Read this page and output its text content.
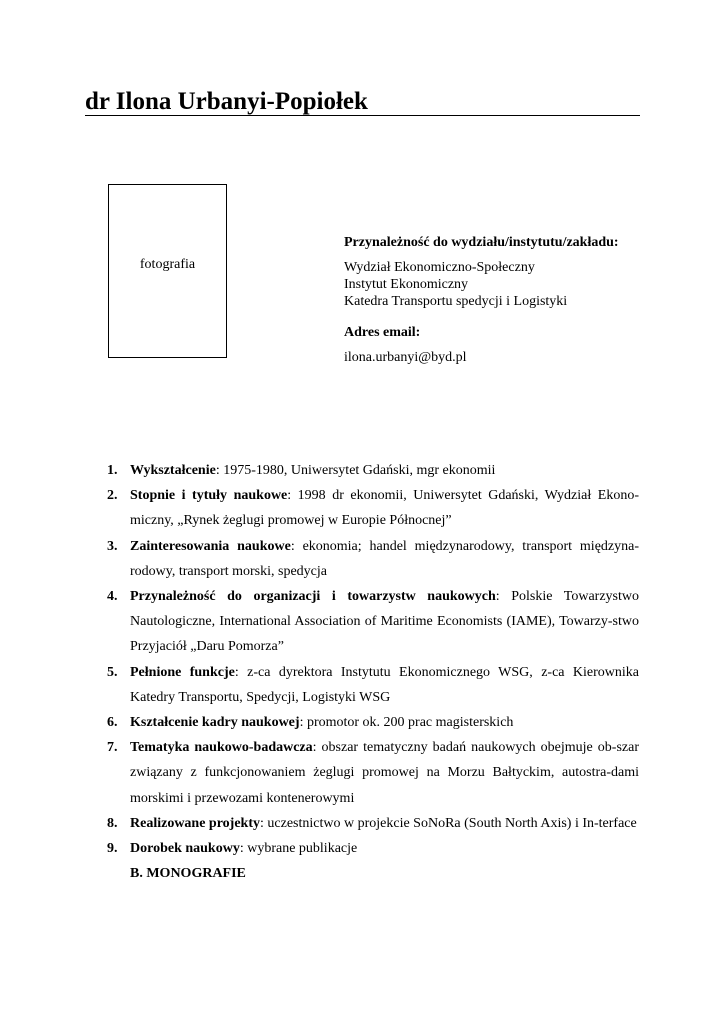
dr Ilona Urbanyi-Popiołek
fotografia
Przynależność do wydziału/instytutu/zakładu:
Wydział Ekonomiczno-Społeczny
Instytut Ekonomiczny
Katedra Transportu spedycji i Logistyki
Adres email:
ilona.urbanyi@byd.pl
1. Wykształcenie: 1975-1980, Uniwersytet Gdański, mgr ekonomii
2. Stopnie i tytuły naukowe: 1998 dr ekonomii, Uniwersytet Gdański, Wydział Ekono-miczny, „Rynek żeglugi promowej w Europie Północnej”
3. Zainteresowania naukowe: ekonomia; handel międzynarodowy, transport międzyna-rodowy, transport morski, spedycja
4. Przynależność do organizacji i towarzystw naukowych: Polskie Towarzystwo Nautologiczne, International Association of Maritime Economists (IAME), Towarzy-stwo Przyjaciół „Daru Pomorza”
5. Pełnione funkcje: z-ca dyrektora Instytutu Ekonomicznego WSG, z-ca Kierownika Katedry Transportu, Spedycji, Logistyki WSG
6. Kształcenie kadry naukowej: promotor ok. 200 prac magisterskich
7. Tematyka naukowo-badawcza: obszar tematyczny badań naukowych obejmuje ob-szar związany z funkcjonowaniem żeglugi promowej na Morzu Bałtyckim, autostra-dami morskimi i przewozami kontenerowymi
8. Realizowane projekty: uczestnictwo w projekcie SoNoRa (South North Axis) i In-terface
9. Dorobek naukowy: wybrane publikacje
B. MONOGRAFIE
